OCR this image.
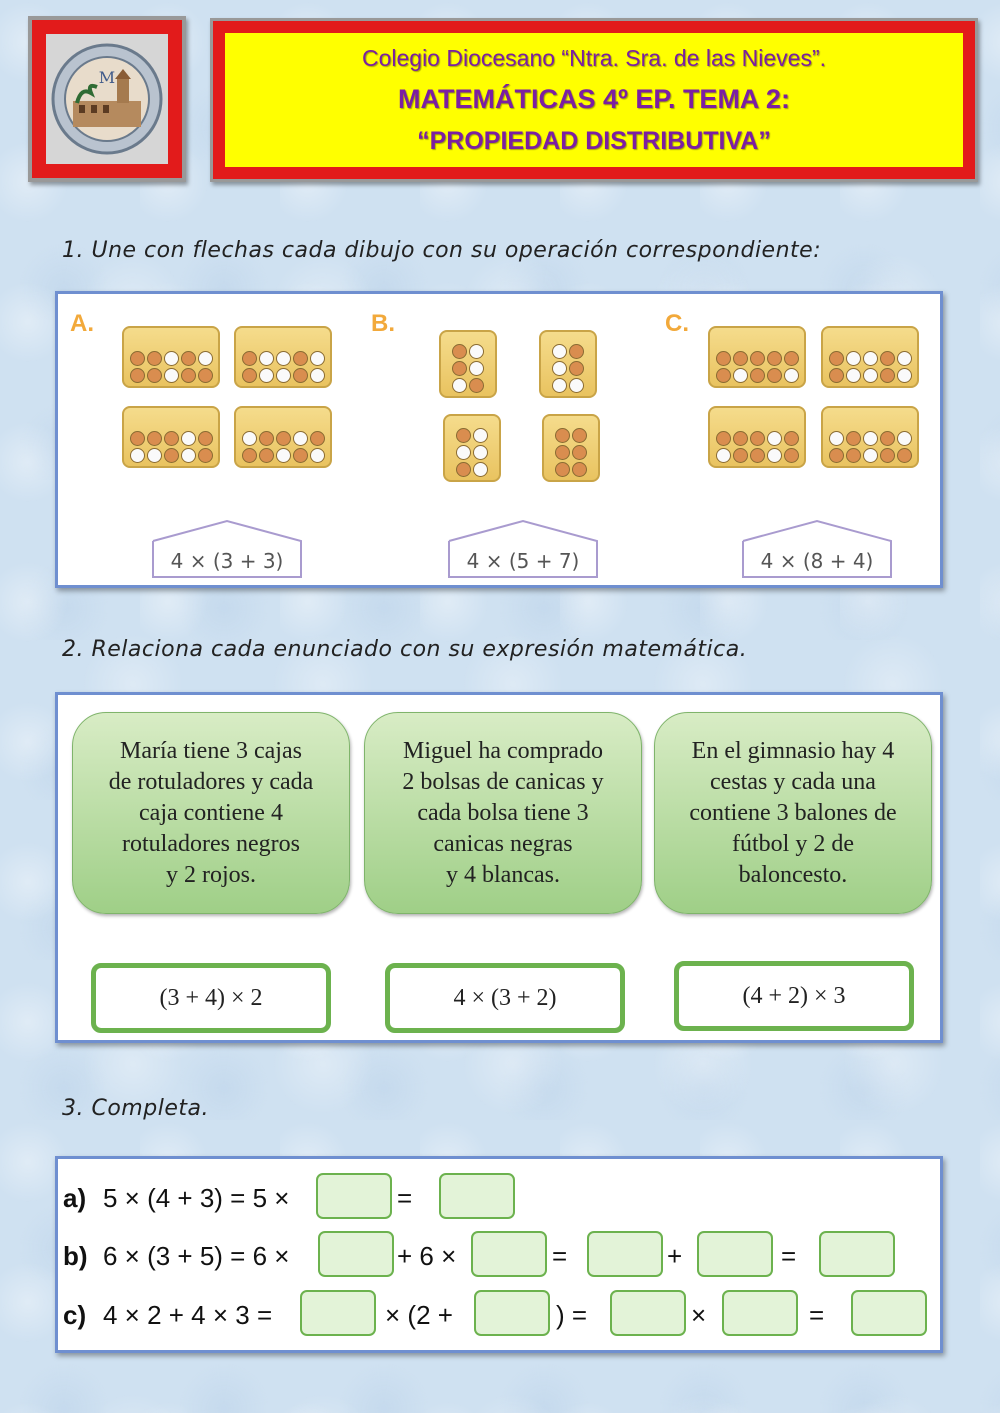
M
Colegio Diocesano “Ntra. Sra. de las Nieves”.
MATEMÁTICAS 4º EP. TEMA 2:
“PROPIEDAD DISTRIBUTIVA”
1. Une con flechas cada dibujo con su operación correspondiente:
A.	B.	C.
4 × (3 + 3)	4 × (5 + 7)	4 × (8 + 4)
2. Relaciona cada enunciado con su expresión matemática.
María tiene 3 cajas
de rotuladores y cada
caja contiene 4
rotuladores negros
y 2 rojos.
Miguel ha comprado
2 bolsas de canicas y
cada bolsa tiene 3
canicas negras
y 4 blancas.
En el gimnasio hay 4
cestas y cada una
contiene 3 balones de
fútbol y 2 de
baloncesto.
(3 + 4) × 2	4 × (3 + 2)	(4 + 2) × 3
3. Completa.
a) 5 × (4 + 3) = 5 ×	=
b) 6 × (3 + 5) = 6 ×	+ 6 ×	=	+	=
c) 4 × 2 + 4 × 3 =	× (2 +	) =	×	=
